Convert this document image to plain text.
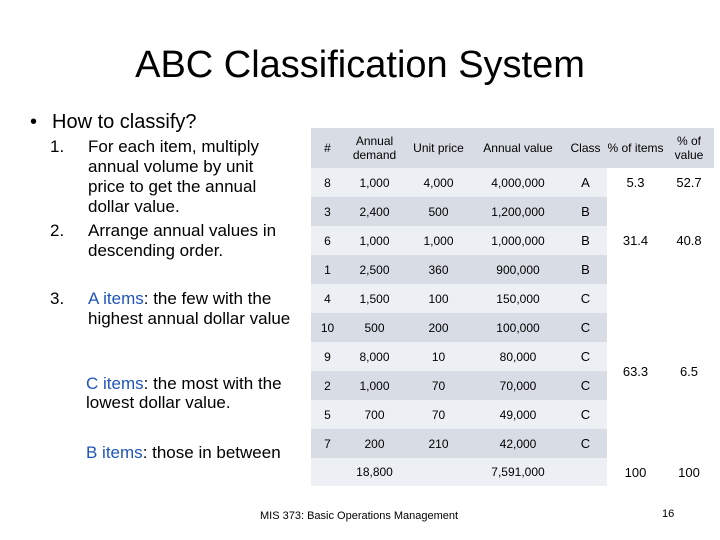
ABC Classification System
• How to classify?
1. For each item, multiply annual volume by unit price to get the annual dollar value.
2. Arrange annual values in descending order.
3. A items: the few with the highest annual dollar value
C items: the most with the lowest dollar value.
B items: those in between
#	Annual demand	Unit price	Annual value	Class	% of items	% of value
8	1,000	4,000	4,000,000	A	5.3	52.7
3	2,400	500	1,200,000	B	31.4	40.8
6	1,000	1,000	1,000,000	B		
1	2,500	360	900,000	B		
4	1,500	100	150,000	C	63.3	6.5
10	500	200	100,000	C		
9	8,000	10	80,000	C		
2	1,000	70	70,000	C		
5	700	70	49,000	C		
7	200	210	42,000	C		
	18,800		7,591,000		100	100
MIS 373: Basic Operations Management	16
